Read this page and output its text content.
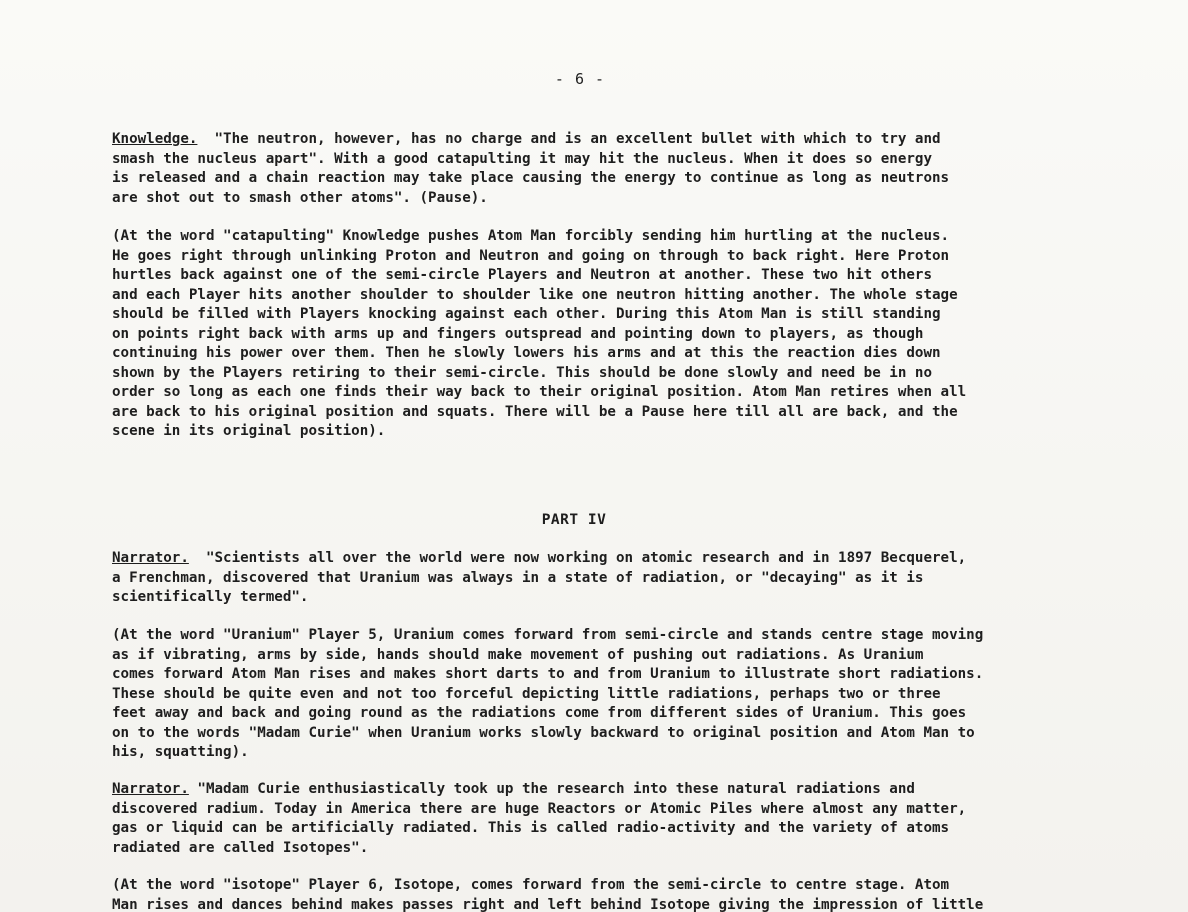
- 6 -
Knowledge.  "The neutron, however, has no charge and is an excellent bullet with which to try and
smash the nucleus apart". With a good catapulting it may hit the nucleus. When it does so energy
is released and a chain reaction may take place causing the energy to continue as long as neutrons
are shot out to smash other atoms". (Pause).
(At the word "catapulting" Knowledge pushes Atom Man forcibly sending him hurtling at the nucleus.
He goes right through unlinking Proton and Neutron and going on through to back right. Here Proton
hurtles back against one of the semi-circle Players and Neutron at another. These two hit others
and each Player hits another shoulder to shoulder like one neutron hitting another. The whole stage
should be filled with Players knocking against each other. During this Atom Man is still standing
on points right back with arms up and fingers outspread and pointing down to players, as though
continuing his power over them. Then he slowly lowers his arms and at this the reaction dies down
shown by the Players retiring to their semi-circle. This should be done slowly and need be in no
order so long as each one finds their way back to their original position. Atom Man retires when all
are back to his original position and squats. There will be a Pause here till all are back, and the
scene in its original position).
PART IV
Narrator.  "Scientists all over the world were now working on atomic research and in 1897 Becquerel,
a Frenchman, discovered that Uranium was always in a state of radiation, or "decaying" as it is
scientifically termed".
(At the word "Uranium" Player 5, Uranium comes forward from semi-circle and stands centre stage moving
as if vibrating, arms by side, hands should make movement of pushing out radiations. As Uranium
comes forward Atom Man rises and makes short darts to and from Uranium to illustrate short radiations.
These should be quite even and not too forceful depicting little radiations, perhaps two or three
feet away and back and going round as the radiations come from different sides of Uranium. This goes
on to the words "Madam Curie" when Uranium works slowly backward to original position and Atom Man to
his, squatting).
Narrator. "Madam Curie enthusiastically took up the research into these natural radiations and
discovered radium. Today in America there are huge Reactors or Atomic Piles where almost any matter,
gas or liquid can be artificially radiated. This is called radio-activity and the variety of atoms
radiated are called Isotopes".
(At the word "isotope" Player 6, Isotope, comes forward from the semi-circle to centre stage. Atom
Man rises and dances behind makes passes right and left behind Isotope giving the impression of little
